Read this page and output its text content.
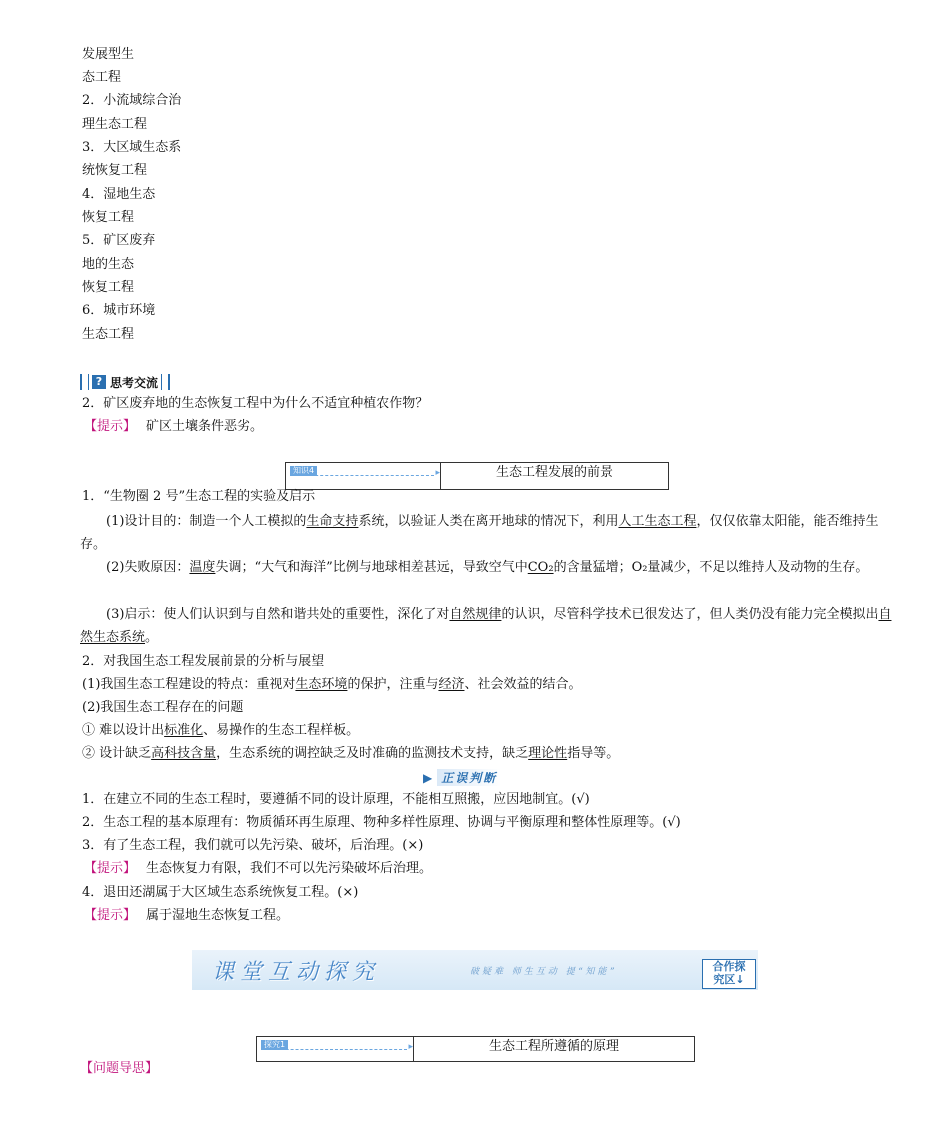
发展型生
态工程
2．小流域综合治
理生态工程
3．大区域生态系
统恢复工程
4．湿地生态
恢复工程
5．矿区废弃
地的生态
恢复工程
6．城市环境
生态工程
? 思考交流
2．矿区废弃地的生态恢复工程中为什么不适宜种植农作物？
【提示】 矿区土壤条件恶劣。
知识4 ▸	生态工程发展的前景
1．“生物圈 2 号”生态工程的实验及启示
(1)设计目的：制造一个人工模拟的生命支持系统，以验证人类在离开地球的情况下，利用人工生态工程，仅仅依靠太阳能，能否维持生存。
(2)失败原因：温度失调；“大气和海洋”比例与地球相差甚远，导致空气中CO₂的含量猛增；O₂量减少，不足以维持人及动物的生存。
(3)启示：使人们认识到与自然和谐共处的重要性，深化了对自然规律的认识，尽管科学技术已很发达了，但人类仍没有能力完全模拟出自然生态系统。
2．对我国生态工程发展前景的分析与展望
(1)我国生态工程建设的特点：重视对生态环境的保护，注重与经济、社会效益的结合。
(2)我国生态工程存在的问题
① 难以设计出标准化、易操作的生态工程样板。
② 设计缺乏高科技含量，生态系统的调控缺乏及时准确的监测技术支持，缺乏理论性指导等。
▶ 正误判断
1．在建立不同的生态工程时，要遵循不同的设计原理，不能相互照搬，应因地制宜。(√)
2．生态工程的基本原理有：物质循环再生原理、物种多样性原理、协调与平衡原理和整体性原理等。(√)
3．有了生态工程，我们就可以先污染、破坏，后治理。(×)
【提示】 生态恢复力有限，我们不可以先污染破坏后治理。
4．退田还湖属于大区域生态系统恢复工程。(×)
【提示】 属于湿地生态恢复工程。
课堂互动探究	破疑难 师生互动 提“知能”	合作探
究区↓
探究1 ▸	生态工程所遵循的原理
【问题导思】
